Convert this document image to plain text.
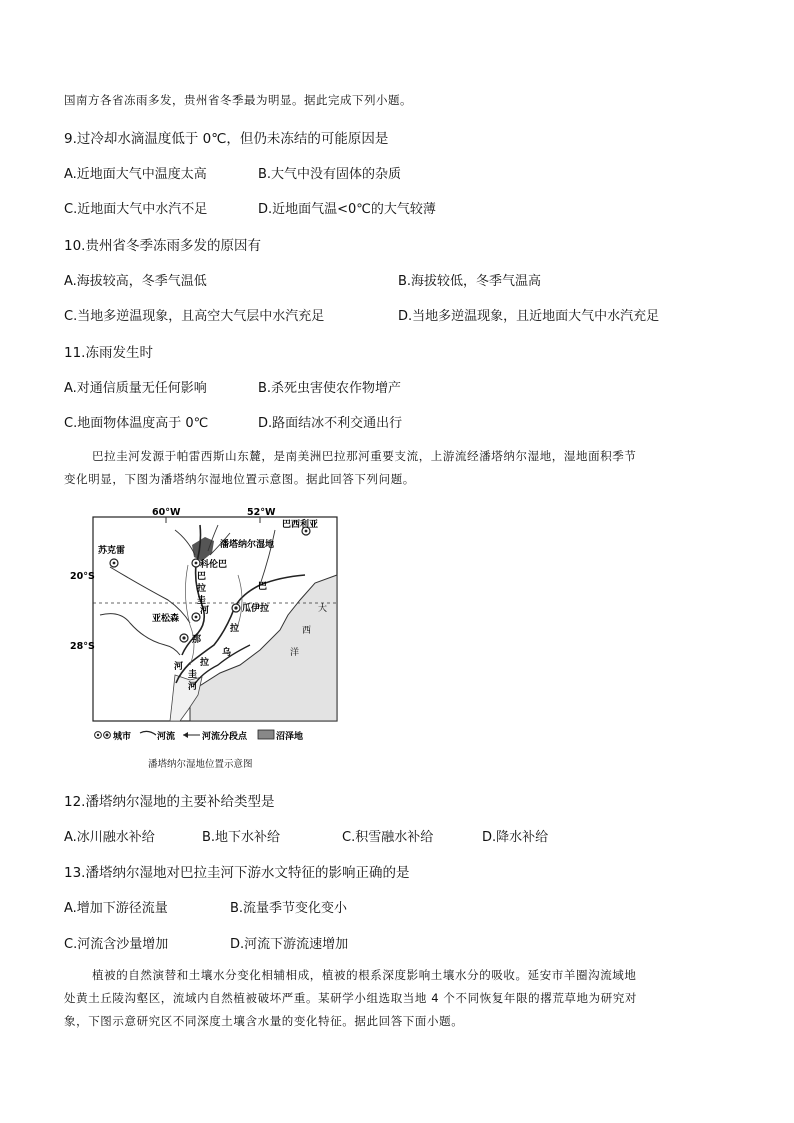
国南方各省冻雨多发，贵州省冬季最为明显。据此完成下列小题。
9.过冷却水滴温度低于 0℃，但仍未冻结的可能原因是
A.近地面大气中温度太高	B.大气中没有固体的杂质
C.近地面大气中水汽不足	D.近地面气温<0℃的大气较薄
10.贵州省冬季冻雨多发的原因有
A.海拔较高，冬季气温低	B.海拔较低，冬季气温高
C.当地多逆温现象，且高空大气层中水汽充足	D.当地多逆温现象，且近地面大气中水汽充足
11.冻雨发生时
A.对通信质量无任何影响	B.杀死虫害使农作物增产
C.地面物体温度高于 0℃	D.路面结冰不利交通出行
巴拉圭河发源于帕雷西斯山东麓，是南美洲巴拉那河重要支流，上游流经潘塔纳尔湿地，湿地面积季节
变化明显，下图为潘塔纳尔湿地位置示意图。据此回答下列问题。
60°W	52°W
20°S
28°S
巴西利亚
潘塔纳尔湿地
苏克雷
科伦巴
巴
拉
圭
河
巴
拉
亚松森
瓜伊拉
那
乌
拉
圭
河
河
大
西
洋
城市	河流	河流分段点	沼泽地
潘塔纳尔湿地位置示意图
12.潘塔纳尔湿地的主要补给类型是
A.冰川融水补给	B.地下水补给	C.积雪融水补给	D.降水补给
13.潘塔纳尔湿地对巴拉圭河下游水文特征的影响正确的是
A.增加下游径流量	B.流量季节变化变小
C.河流含沙量增加	D.河流下游流速增加
植被的自然演替和土壤水分变化相辅相成，植被的根系深度影响土壤水分的吸收。延安市羊圈沟流域地
处黄土丘陵沟壑区，流域内自然植被破坏严重。某研学小组选取当地 4 个不同恢复年限的撂荒草地为研究对
象，下图示意研究区不同深度土壤含水量的变化特征。据此回答下面小题。
